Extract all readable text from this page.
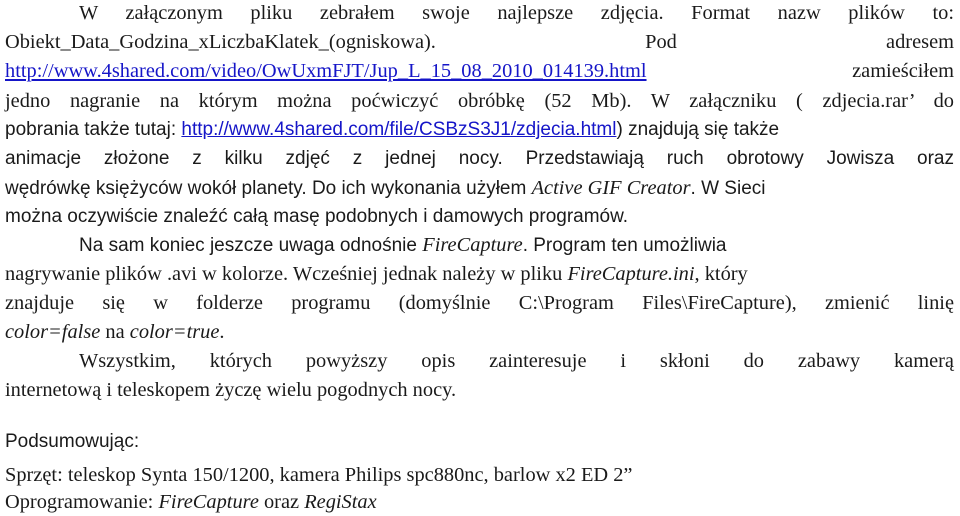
W załączonym pliku zebrałem swoje najlepsze zdjęcia. Format nazw plików to:
Obiekt_Data_Godzina_xLiczbaKlatek_(ogniskowa). Pod adresem
http://www.4shared.com/video/OwUxmFJT/Jup_L_15_08_2010_014139.html	zamieściłem
jedno nagranie na którym można poćwiczyć obróbkę (52 Mb). W załączniku ( zdjecia.rar’ do
pobrania także tutaj: http://www.4shared.com/file/CSBzS3J1/zdjecia.html) znajdują się także
animacje złożone z kilku zdjęć z jednej nocy. Przedstawiają ruch obrotowy Jowisza oraz
wędrówkę księżyców wokół planety. Do ich wykonania użyłem Active GIF Creator. W Sieci
można oczywiście znaleźć całą masę podobnych i damowych programów.
Na sam koniec jeszcze uwaga odnośnie FireCapture. Program ten umożliwia
nagrywanie plików .avi w kolorze. Wcześniej jednak należy w pliku FireCapture.ini, który
znajduje się w folderze programu (domyślnie C:\Program Files\FireCapture), zmienić linię
color=false na color=true.
Wszystkim, których powyższy opis zainteresuje i skłoni do zabawy kamerą
internetową i teleskopem życzę wielu pogodnych nocy.
Podsumowując:
Sprzęt: teleskop Synta 150/1200, kamera Philips spc880nc, barlow x2 ED 2”
Oprogramowanie: FireCapture oraz RegiStax
